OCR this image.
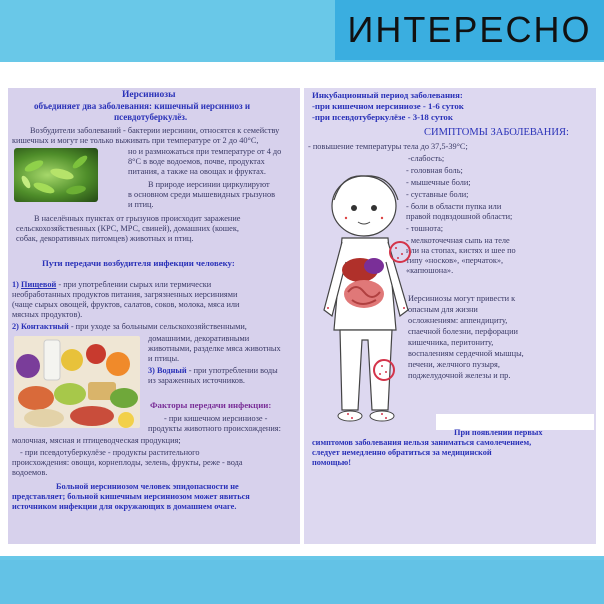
ИНТЕРЕСНО

Иерсиниозы

объединяет два заболевания: кишечный иерсиниоз и

псевдотуберкулёз.

Возбудители заболеваний - бактерии иерсинии, относятся к семейству

кишечных и могут не только выживать при температуре от 2 до 40°С,

но и размножаться при температуре от 4 до

8°С в воде водоемов, почве, продуктах

питания, а также на овощах и фруктах.

В природе иерсинии циркулируют

в основном среди мышевидных грызунов

и птиц.

В населённых пунктах от грызунов происходит заражение

сельскохозяйственных (КРС, МРС, свиней), домашних (кошек,

собак, декоративных питомцев) животных и птиц.

Пути передачи возбудителя инфекции человеку:

1) Пищевой - при употреблении сырых или термически

необработанных продуктов питания, загрязненных иерсиниями

(чаще сырых овощей, фруктов, салатов, соков, молока, мяса или

мясных продуктов).

2) Контактный - при уходе за больными сельскохозяйственными,

домашними, декоративными

животными, разделке мяса животных

и птицы.

3) Водный - при употреблении воды

из зараженных источников.

Факторы передачи инфекции:

- при кишечном иерсиниозе -

продукты животного происхождения:

молочная, мясная и птицеводческая продукция;

- при псевдотуберкулёзе - продукты растительного

происхождения: овощи, корнеплоды, зелень, фрукты, реже - вода

водоемов.

Больной иерсиниозом человек эпидопасности не

представляет; больной кишечным иерсиниозом может явиться

источником инфекции для окружающих в домашнем очаге.

Инкубационный период заболевания:

-при кишечном иерсиниозе - 1-6 суток

-при псевдотуберкулёзе - 3-18 суток

СИМПТОМЫ ЗАБОЛЕВАНИЯ:

- повышение температуры тела до 37,5-39°С;

-слабость;

- головная боль;

- мышечные боли;

- суставные боли;

- боли в области пупка или

правой подвздошной области;

- тошнота;

- мелкоточечная сыпь на теле

или на стопах, кистях и шее по

типу «носков», «перчаток»,

«капюшона».

Иерсиниозы могут привести к

опасным для жизни

осложнениям: аппендициту,

спаечной болезни, перфорации

кишечника, перитониту,

воспалениям сердечной мышцы,

печени, желчного пузыря,

поджелудочной железы и пр.

При появлении первых

симптомов заболевания нельзя заниматься самолечением,

следует немедленно обратиться за медицинской

помощью!
